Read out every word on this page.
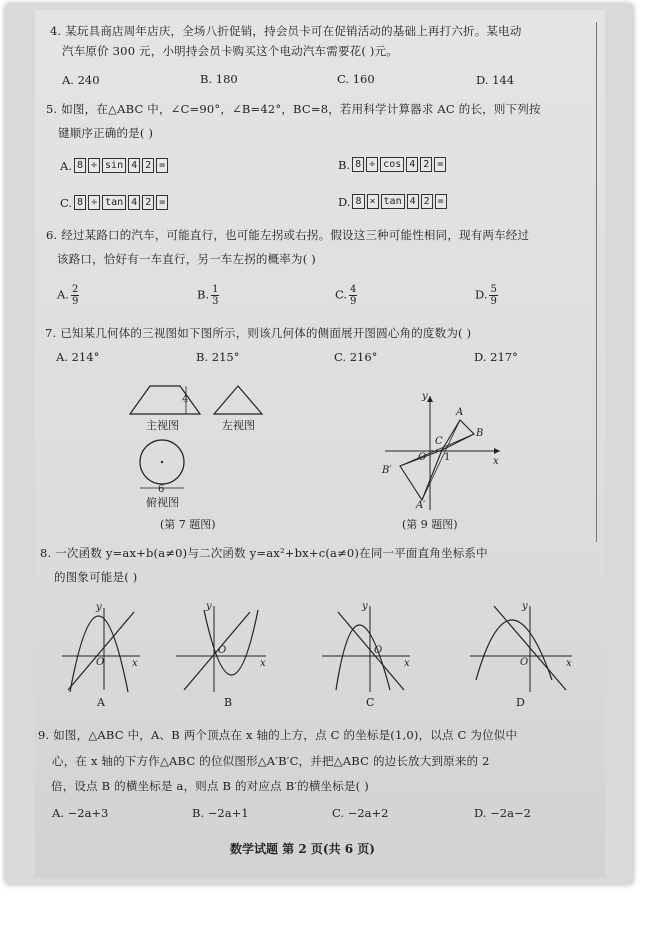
4. 某玩具商店周年店庆，全场八折促销，持会员卡可在促销活动的基础上再打六折。某电动
汽车原价 300 元，小明持会员卡购买这个电动汽车需要花( )元。
A. 240	B. 180	C. 160	D. 144
5. 如图，在△ABC 中，∠C=90°，∠B=42°，BC=8，若用科学计算器求 AC 的长，则下列按
键顺序正确的是( )
A. 8 ÷ sin 4 2 =	B. 8 ÷ cos 4 2 =
C. 8 ÷ tan 4 2 =	D. 8 × tan 4 2 =
6. 经过某路口的汽车，可能直行，也可能左拐或右拐。假设这三种可能性相同，现有两车经过
该路口，恰好有一车直行，另一车左拐的概率为( )
A. $\frac{2}{9}$	B. $\frac{1}{3}$	C. $\frac{4}{9}$	D. $\frac{5}{9}$
7. 已知某几何体的三视图如下图所示，则该几何体的侧面展开图圆心角的度数为( )
A. 214°	B. 215°	C. 216°	D. 217°
4
主视图	左视图
6
俯视图
(第 7 题图)
y
x
O 1
A
B
C
B′
A′
(第 9 题图)
8. 一次函数 y=ax+b(a≠0)与二次函数 y=ax²+bx+c(a≠0)在同一平面直角坐标系中
的图象可能是( )
y
x
O
y
x
O
y
x
O
y
x
O
A	B	C	D
9. 如图，△ABC 中，A、B 两个顶点在 x 轴的上方，点 C 的坐标是(1,0)，以点 C 为位似中
心，在 x 轴的下方作△ABC 的位似图形△A′B′C，并把△ABC 的边长放大到原来的 2
倍，设点 B 的横坐标是 a，则点 B 的对应点 B′的横坐标是( )
A. −2a+3	B. −2a+1	C. −2a+2	D. −2a−2
数学试题 第 2 页(共 6 页)
